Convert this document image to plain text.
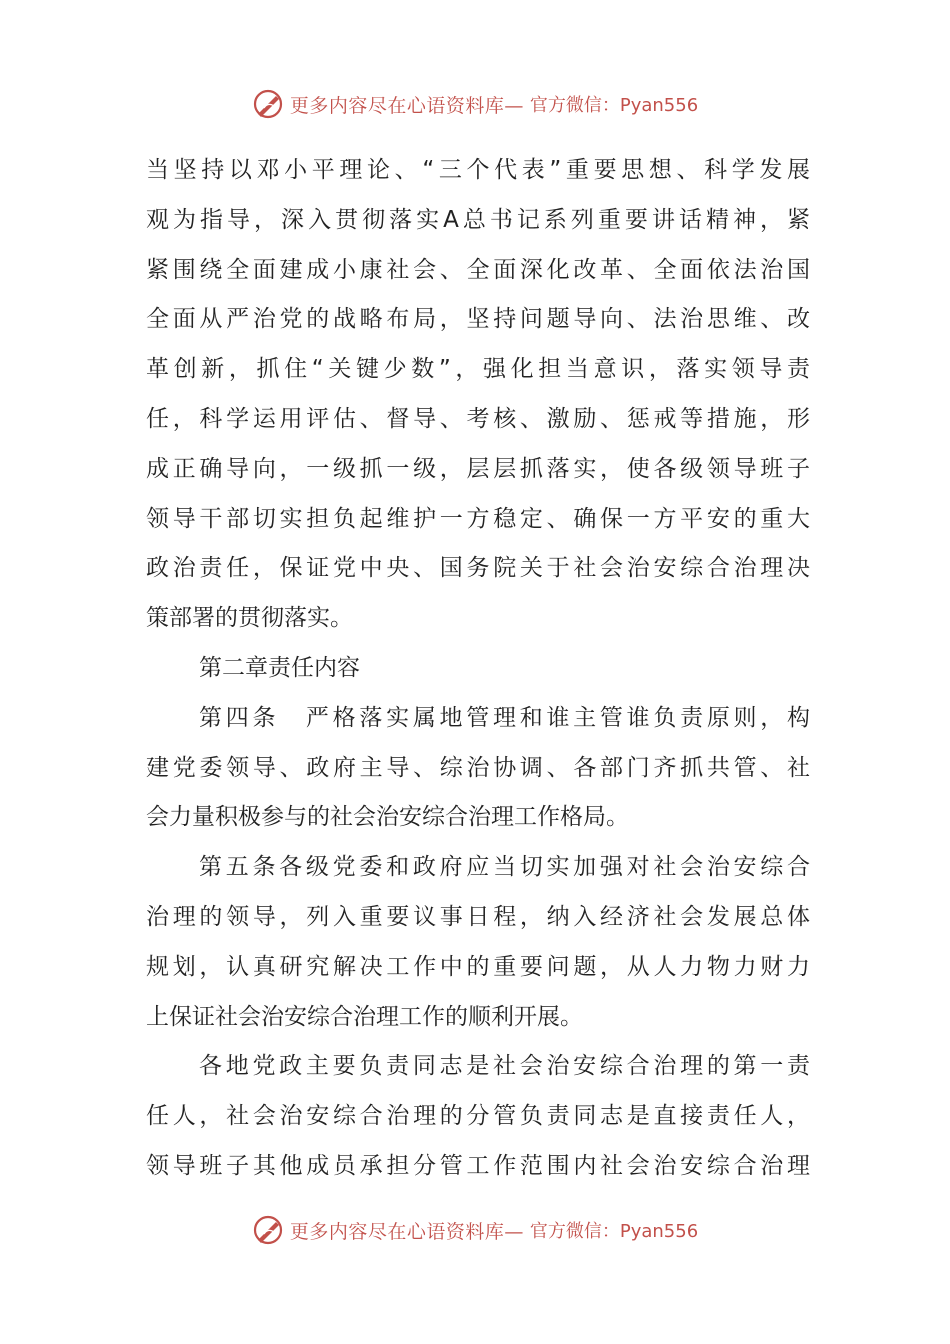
更多内容尽在心语资料库— 官方微信：Pyan556
当坚持以邓小平理论、“三个代表”重要思想、科学发展
观为指导，深入贯彻落实A总书记系列重要讲话精神，紧
紧围绕全面建成小康社会、全面深化改革、全面依法治国
全面从严治党的战略布局，坚持问题导向、法治思维、改
革创新，抓住“关键少数”，强化担当意识，落实领导责
任，科学运用评估、督导、考核、激励、惩戒等措施，形
成正确导向，一级抓一级，层层抓落实，使各级领导班子
领导干部切实担负起维护一方稳定、确保一方平安的重大
政治责任，保证党中央、国务院关于社会治安综合治理决
策部署的贯彻落实。
第二章责任内容
第四条　严格落实属地管理和谁主管谁负责原则，构
建党委领导、政府主导、综治协调、各部门齐抓共管、社
会力量积极参与的社会治安综合治理工作格局。
第五条各级党委和政府应当切实加强对社会治安综合
治理的领导，列入重要议事日程，纳入经济社会发展总体
规划，认真研究解决工作中的重要问题，从人力物力财力
上保证社会治安综合治理工作的顺利开展。
各地党政主要负责同志是社会治安综合治理的第一责
任人，社会治安综合治理的分管负责同志是直接责任人，
领导班子其他成员承担分管工作范围内社会治安综合治理
更多内容尽在心语资料库— 官方微信：Pyan556
